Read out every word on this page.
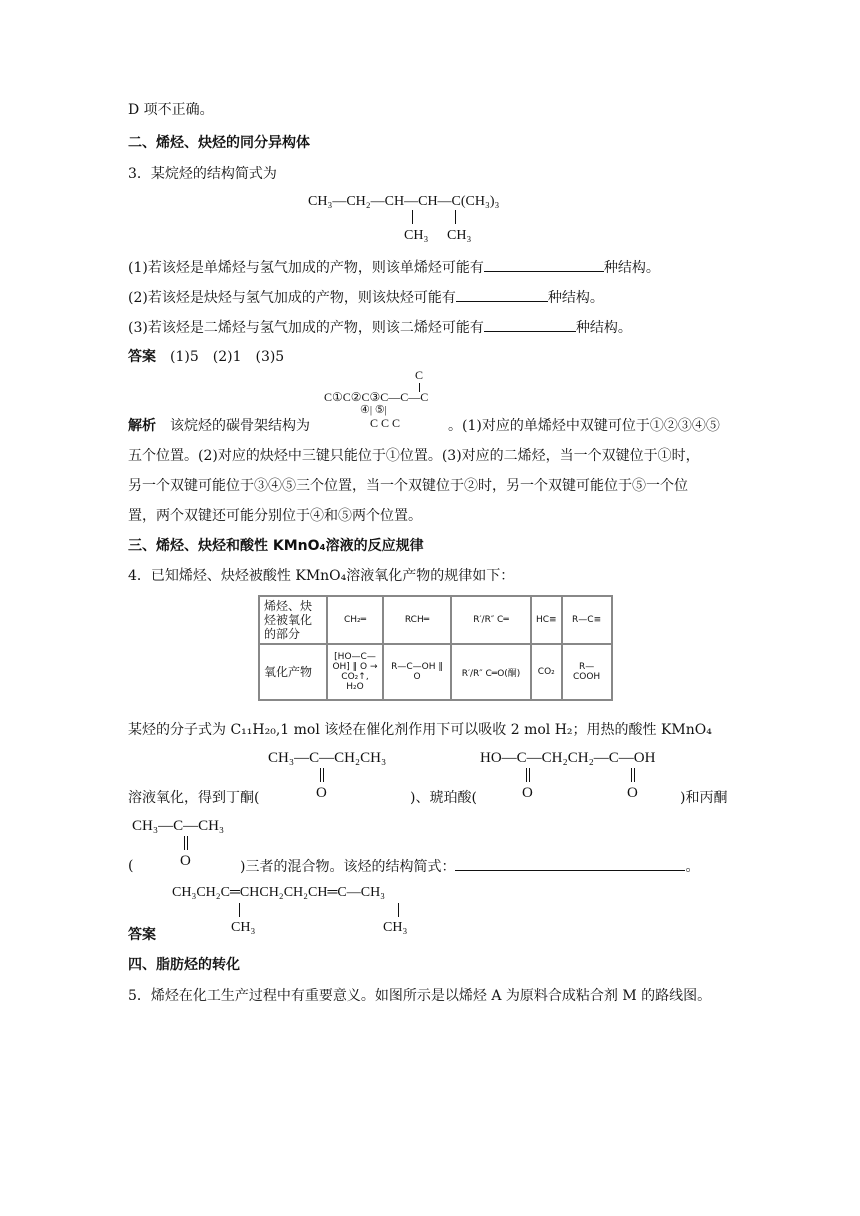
D 项不正确。
二、烯烃、炔烃的同分异构体
3．某烷烃的结构简式为
CH₃—CH₂—CH—CH—C(CH₃)₃
CH₃ CH₃
(1)若该烃是单烯烃与氢气加成的产物，则该单烯烃可能有	种结构。
(2)若该烃是炔烃与氢气加成的产物，则该炔烃可能有	种结构。
(3)若该烃是二烯烃与氢气加成的产物，则该二烯烃可能有	种结构。
答案　 (1)5　(2)1　(3)5
C
C①C②C③C—C—C
④| ⑤|
C C C
解析　 该烷烃的碳骨架结构为	。(1)对应的单烯烃中双键可位于①②③④⑤
五个位置。(2)对应的炔烃中三键只能位于①位置。(3)对应的二烯烃，当一个双键位于①时，
另一个双键可能位于③④⑤三个位置，当一个双键位于②时，另一个双键可能位于⑤一个位
置，两个双键还可能分别位于④和⑤两个位置。
三、烯烃、炔烃和酸性 KMnO₄溶液的反应规律
4．已知烯烃、炔烃被酸性 KMnO₄溶液氧化产物的规律如下：
烯烃、炔烃被氧化的部分	CH₂═	RCH═	R′/R″ C═	HC≡	R—C≡
氧化产物	[HO—C—OH] ‖ O → CO₂↑, H₂O	R—C—OH ‖ O	R′/R″ C═O(酮)	CO₂	R—COOH
某烃的分子式为 C₁₁H₂₀,1 mol 该烃在催化剂作用下可以吸收 2 mol H₂；用热的酸性 KMnO₄
CH₃—C—CH₂CH₃
O
HO—C—CH₂CH₂—C—OH
O	O
溶液氧化，得到丁酮(	)、琥珀酸(	)和丙酮
CH₃—C—CH₃
O
(	)三者的混合物。该烃的结构简式：	。
CH₃CH₂C═CHCH₂CH₂CH═C—CH₃
CH₃	CH₃
答案
四、脂肪烃的转化
5．烯烃在化工生产过程中有重要意义。如图所示是以烯烃 A 为原料合成粘合剂 M 的路线图。
